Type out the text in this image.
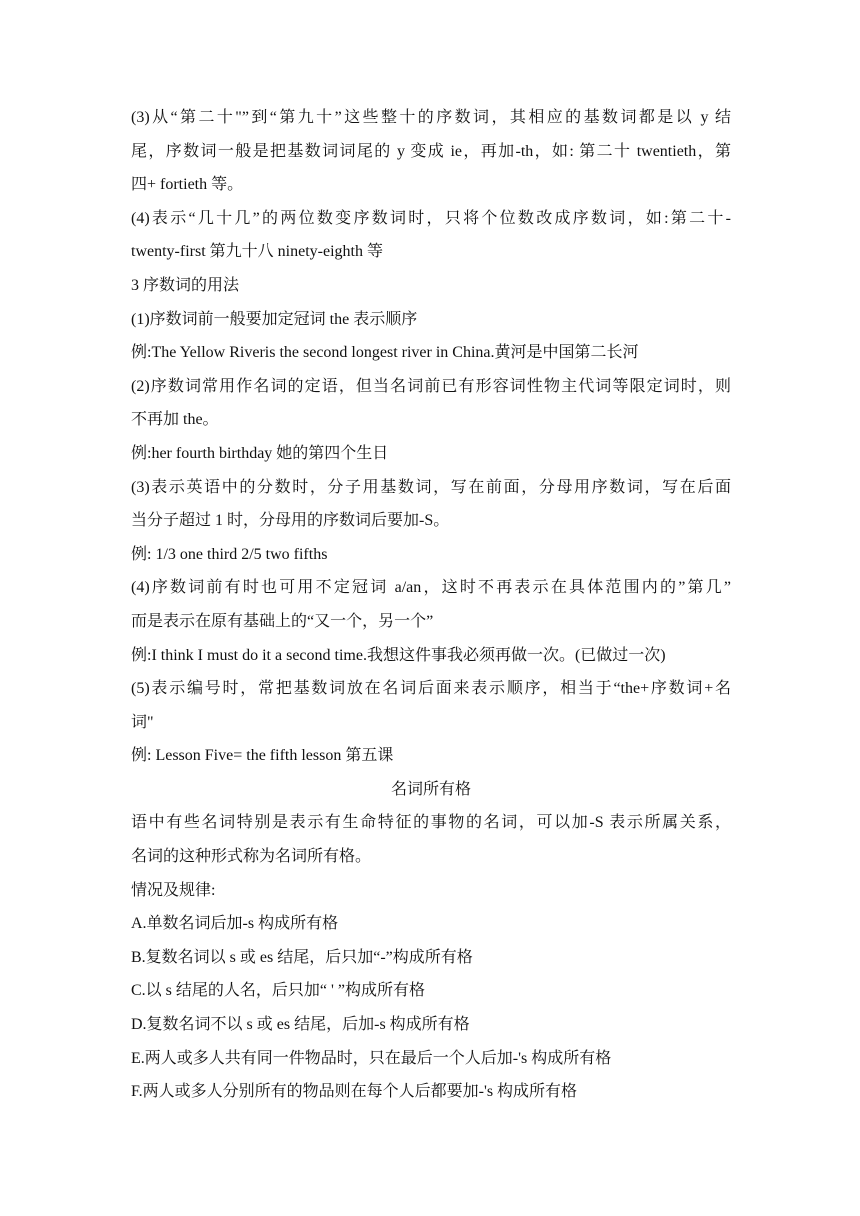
(3)从“第二十"”到“第九十”这些整十的序数词，其相应的基数词都是以 y 结
尾，序数词一般是把基数词词尾的 y 变成 ie，再加-th，如: 第二十 twentieth，第
四+ fortieth 等。
(4)表示“几十几”的两位数变序数词时，只将个位数改成序数词，如:第二十-
twenty-first 第九十八 ninety-eighth 等
3 序数词的用法
(1)序数词前一般要加定冠词 the 表示顺序
例:The Yellow Riveris the second longest river in China.黄河是中国第二长河
(2)序数词常用作名词的定语，但当名词前已有形容词性物主代词等限定词时，则
不再加 the。
例:her fourth birthday 她的第四个生日
(3)表示英语中的分数时，分子用基数词，写在前面，分母用序数词，写在后面
当分子超过 1 时，分母用的序数词后要加-S。
例: 1/3 one third 2/5 two fifths
(4)序数词前有时也可用不定冠词 a/an，这时不再表示在具体范围内的”第几”
而是表示在原有基础上的“又一个，另一个”
例:I think I must do it a second time.我想这件事我必须再做一次。(已做过一次)
(5)表示编号时，常把基数词放在名词后面来表示顺序，相当于“the+序数词+名
词"
例: Lesson Five= the fifth lesson 第五课
名词所有格
语中有些名词特别是表示有生命特征的事物的名词，可以加-S 表示所属关系，
名词的这种形式称为名词所有格。
情况及规律:
A.单数名词后加-s 构成所有格
B.复数名词以 s 或 es 结尾，后只加“-”构成所有格
C.以 s 结尾的人名，后只加“ ' ”构成所有格
D.复数名词不以 s 或 es 结尾，后加-s 构成所有格
E.两人或多人共有同一件物品时，只在最后一个人后加-'s 构成所有格
F.两人或多人分别所有的物品则在每个人后都要加-'s 构成所有格
